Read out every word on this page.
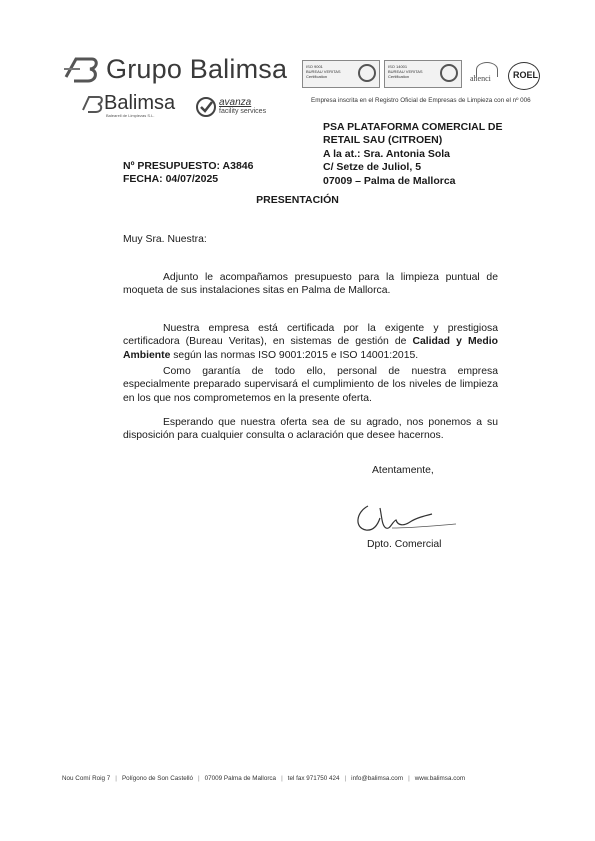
Grupo Balimsa
Balimsa
Balearell de Limpiezas S.L.
avanza
facility services
ISO 9001
BUREAU VERITAS
Certification
ISO 14001
BUREAU VERITAS
Certification	ahenci ROEL
Empresa inscrita en el Registro Oficial de Empresas de Limpieza con el nº 006
PSA PLATAFORMA COMERCIAL DE
RETAIL SAU (CITROEN)
A la at.: Sra. Antonia Sola
C/ Setze de Juliol, 5
07009 – Palma de Mallorca
Nº PRESUPUESTO: A3846
FECHA: 04/07/2025
PRESENTACIÓN
Muy Sra. Nuestra:
Adjunto le acompañamos presupuesto para la limpieza puntual de moqueta de sus instalaciones sitas en Palma de Mallorca.
Nuestra empresa está certificada por la exigente y prestigiosa certificadora (Bureau Veritas), en sistemas de gestión de Calidad y Medio Ambiente según las normas ISO 9001:2015 e ISO 14001:2015.
Como garantía de todo ello, personal de nuestra empresa especialmente preparado supervisará el cumplimiento de los niveles de limpieza en los que nos comprometemos en la presente oferta.
Esperando que nuestra oferta sea de su agrado, nos ponemos a su disposición para cualquier consulta o aclaración que desee hacernos.
Atentamente,
Dpto. Comercial
Nou Comí Roig 7 | Polígono de Son Castelló | 07009 Palma de Mallorca | tel fax 971750 424 | info@balimsa.com | www.balimsa.com
